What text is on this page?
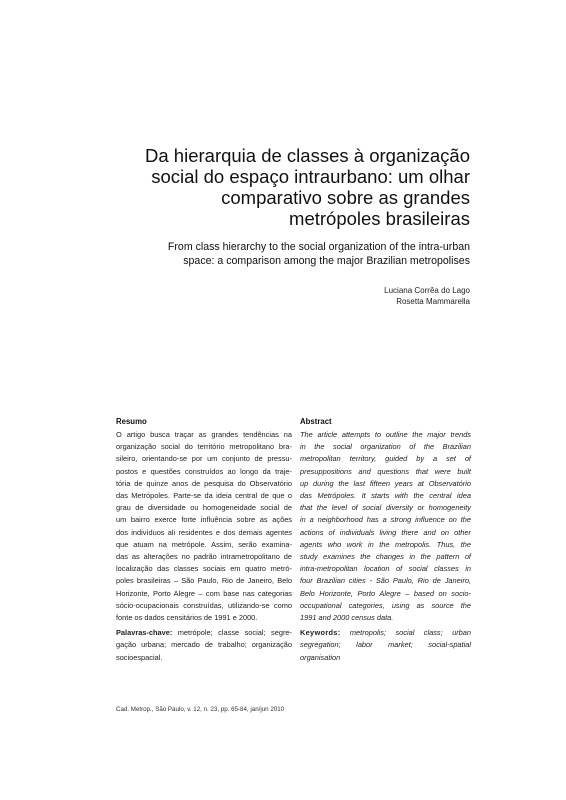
Da hierarquia de classes à organização
social do espaço intraurbano: um olhar
comparativo sobre as grandes
metrópoles brasileiras
From class hierarchy to the social organization of the intra-urban
space: a comparison among the major Brazilian metropolises
Luciana Corrêa do Lago
Rosetta Mammarella
Resumo
O artigo busca traçar as grandes tendências na
organização social do território metropolitano bra-
sileiro, orientando-se por um conjunto de pressu-
postos e questões construídos ao longo da traje-
tória de quinze anos de pesquisa do Observatório
das Metrópoles. Parte-se da ideia central de que o
grau de diversidade ou homogeneidade social de
um bairro exerce forte influência sobre as ações
dos indivíduos ali residentes e dos demais agentes
que atuam na metrópole. Assim, serão examina-
das as alterações no padrão intrametropolitano de
localização das classes sociais em quatro metró-
poles brasileiras – São Paulo, Rio de Janeiro, Belo
Horizonte, Porto Alegre – com base nas categorias
sócio-ocupacionais construídas, utilizando-se como
fonte os dados censitários de 1991 e 2000.
Palavras-chave: metrópole; classe social; segre-
gação urbana; mercado de trabalho; organização
socioespacial.
Abstract
The article attempts to outline the major trends
in the social organization of the Brazilian
metropolitan territory, guided by a set of
presuppositions and questions that were built
up during the last fifteen years at Observatório
das Metrópoles. It starts with the central idea
that the level of social diversity or homogeneity
in a neighborhood has a strong influence on the
actions of individuals living there and on other
agents who work in the metropolis. Thus, the
study examines the changes in the pattern of
intra-metropolitan location of social classes in
four Brazilian cities - São Paulo, Rio de Janeiro,
Belo Horizonte, Porto Alegre – based on socio-
occupational categories, using as source the
1991 and 2000 census data.
Keywords: metropolis; social class; urban
segregation; labor market; social-spatial
organisation
Cad. Metrop., São Paulo, v. 12, n. 23, pp. 65-84, jan/jun 2010
